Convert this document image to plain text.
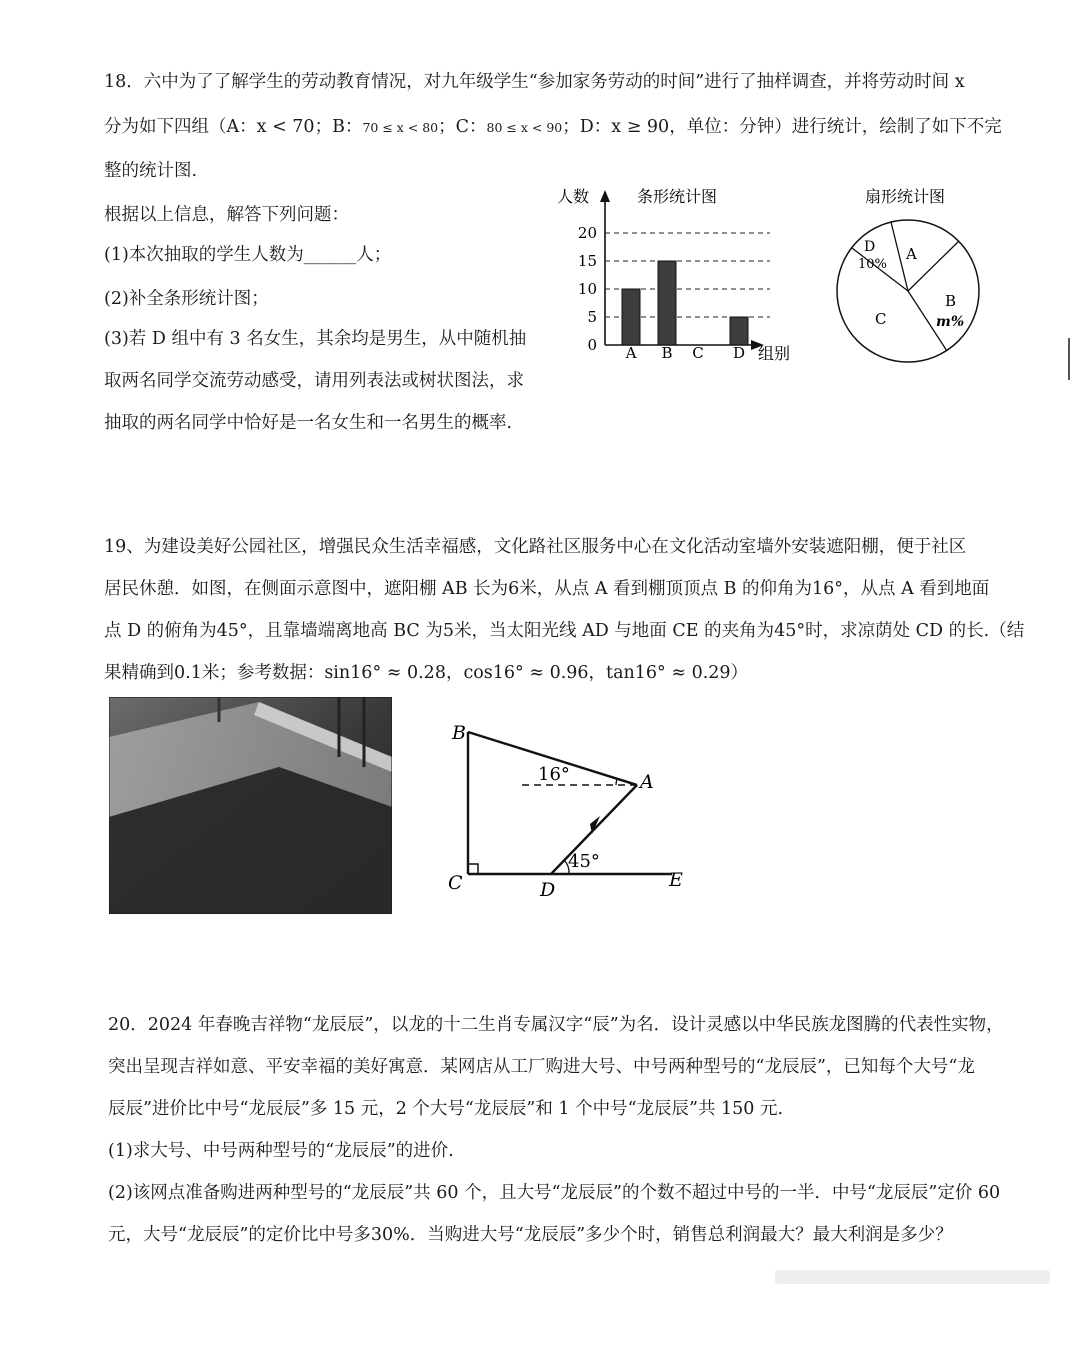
18．六中为了了解学生的劳动教育情况，对九年级学生“参加家务劳动的时间”进行了抽样调查，并将劳动时间 x
分为如下四组（A：x < 70；B：70 ≤ x < 80；C：80 ≤ x < 90；D：x ≥ 90，单位：分钟）进行统计，绘制了如下不完
整的统计图.
根据以上信息，解答下列问题：
(1)本次抽取的学生人数为______人；
(2)补全条形统计图；
(3)若 D 组中有 3 名女生，其余均是男生，从中随机抽
取两名同学交流劳动感受，请用列表法或树状图法，求
抽取的两名同学中恰好是一名女生和一名男生的概率.
人数	条形统计图
0
5
10
15
20
A B C D 组别
扇形统计图
D
10%
A
B
m%
C
19、为建设美好公园社区，增强民众生活幸福感，文化路社区服务中心在文化活动室墙外安装遮阳棚，便于社区
居民休憩．如图，在侧面示意图中，遮阳棚 AB 长为6米，从点 A 看到棚顶顶点 B 的仰角为16°，从点 A 看到地面
点 D 的俯角为45°，且靠墙端离地高 BC 为5米，当太阳光线 AD 与地面 CE 的夹角为45°时，求凉荫处 CD 的长.（结
果精确到0.1米；参考数据：sin16° ≈ 0.28，cos16° ≈ 0.96，tan16° ≈ 0.29）
B
A
C	D	E
16°
45°
20．2024 年春晚吉祥物“龙辰辰”，以龙的十二生肖专属汉字“辰”为名．设计灵感以中华民族龙图腾的代表性实物，
突出呈现吉祥如意、平安幸福的美好寓意．某网店从工厂购进大号、中号两种型号的“龙辰辰”，已知每个大号“龙
辰辰”进价比中号“龙辰辰”多 15 元，2 个大号“龙辰辰”和 1 个中号“龙辰辰”共 150 元.
(1)求大号、中号两种型号的“龙辰辰”的进价.
(2)该网点准备购进两种型号的“龙辰辰”共 60 个，且大号“龙辰辰”的个数不超过中号的一半．中号“龙辰辰”定价 60
元，大号“龙辰辰”的定价比中号多30%．当购进大号“龙辰辰”多少个时，销售总利润最大？最大利润是多少？
